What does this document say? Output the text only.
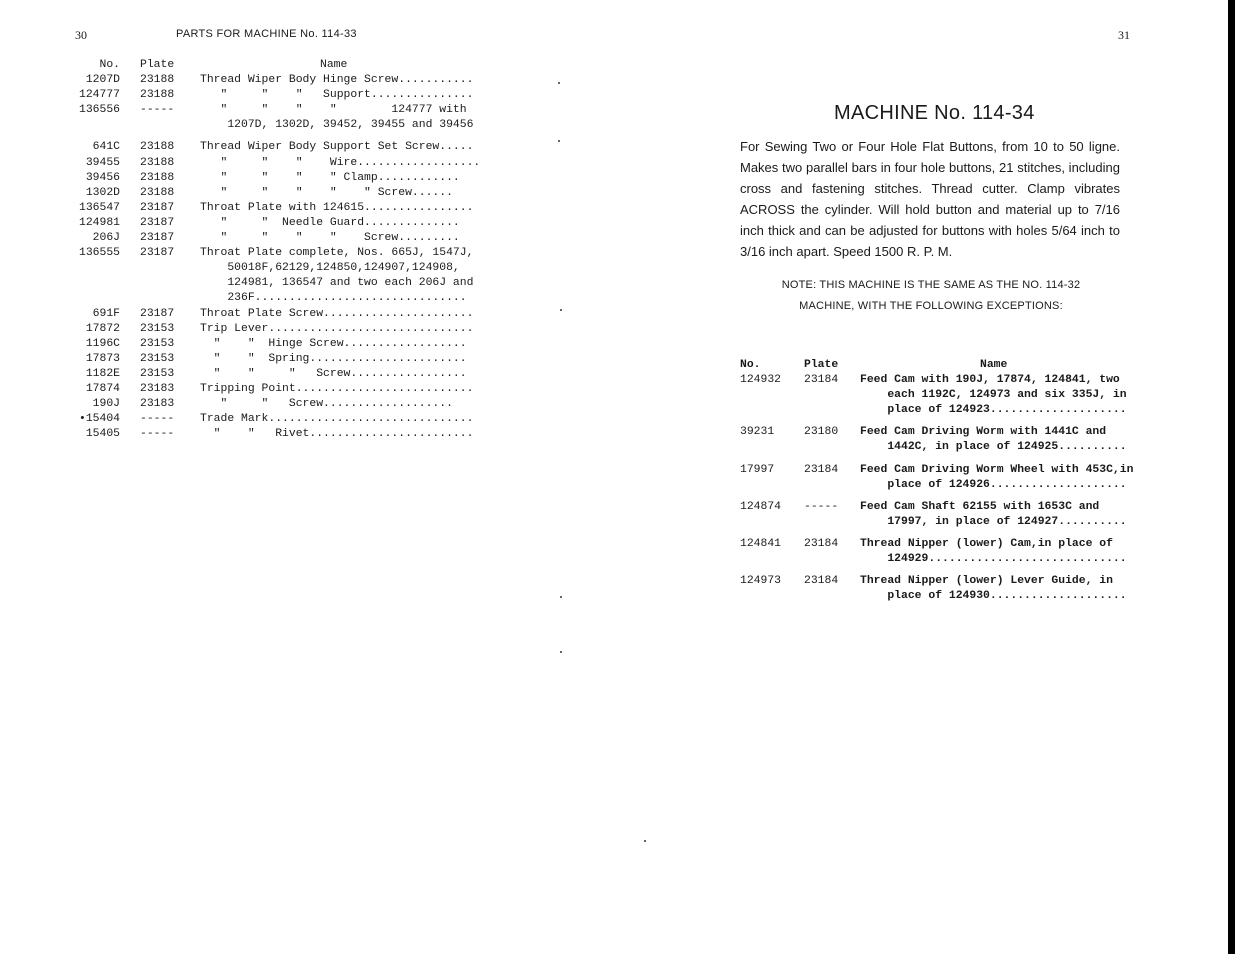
30	PARTS FOR MACHINE No. 114-33
No.	Plate	Name
1207D	23188	Thread Wiper Body Hinge Screw...........
124777	23188	"     "    "   Support...............
136556	-----	"     "    "    "        124777 with
		1207D, 1302D, 39452, 39455 and 39456

641C	23188	Thread Wiper Body Support Set Screw.....
39455	23188	"     "    "    Wire..................
39456	23188	"     "    "    " Clamp............
1302D	23188	"     "    "    "    " Screw......
136547	23187	Throat Plate with 124615................
124981	23187	"     "  Needle Guard..............
206J	23187	"     "    "    "    Screw.........
136555	23187	Throat Plate complete, Nos. 665J, 1547J,
		50018F,62129,124850,124907,124908,
		124981, 136547 and two each 206J and
		236F...............................
691F	23187	Throat Plate Screw......................
17872	23153	Trip Lever..............................
1196C	23153	"    "  Hinge Screw..................
17873	23153	"    "  Spring.......................
1182E	23153	"    "     "   Screw.................
17874	23183	Tripping Point..........................
190J	23183	"     "   Screw...................
•15404	-----	Trade Mark..............................
15405	-----	"    "   Rivet........................
31
MACHINE No. 114-34
For Sewing Two or Four Hole Flat Buttons, from 10 to 50 ligne. Makes two parallel bars in four hole buttons, 21 stitches, including cross and fastening stitches. Thread cutter. Clamp vibrates ACROSS the cylinder. Will hold button and material up to 7/16 inch thick and can be adjusted for buttons with holes 5/64 inch to 3/16 inch apart. Speed 1500 R. P. M.
NOTE: THIS MACHINE IS THE SAME AS THE NO. 114-32
MACHINE, WITH THE FOLLOWING EXCEPTIONS:
No.	Plate	Name
124932	23184	Feed Cam with 190J, 17874, 124841, two
		each 1192C, 124973 and six 335J, in
		place of 124923....................

39231	23180	Feed Cam Driving Worm with 1441C and
		1442C, in place of 124925..........

17997	23184	Feed Cam Driving Worm Wheel with 453C,in
		place of 124926....................

124874	-----	Feed Cam Shaft 62155 with 1653C and
		17997, in place of 124927..........

124841	23184	Thread Nipper (lower) Cam,in place of
		124929.............................

124973	23184	Thread Nipper (lower) Lever Guide, in
		place of 124930....................
